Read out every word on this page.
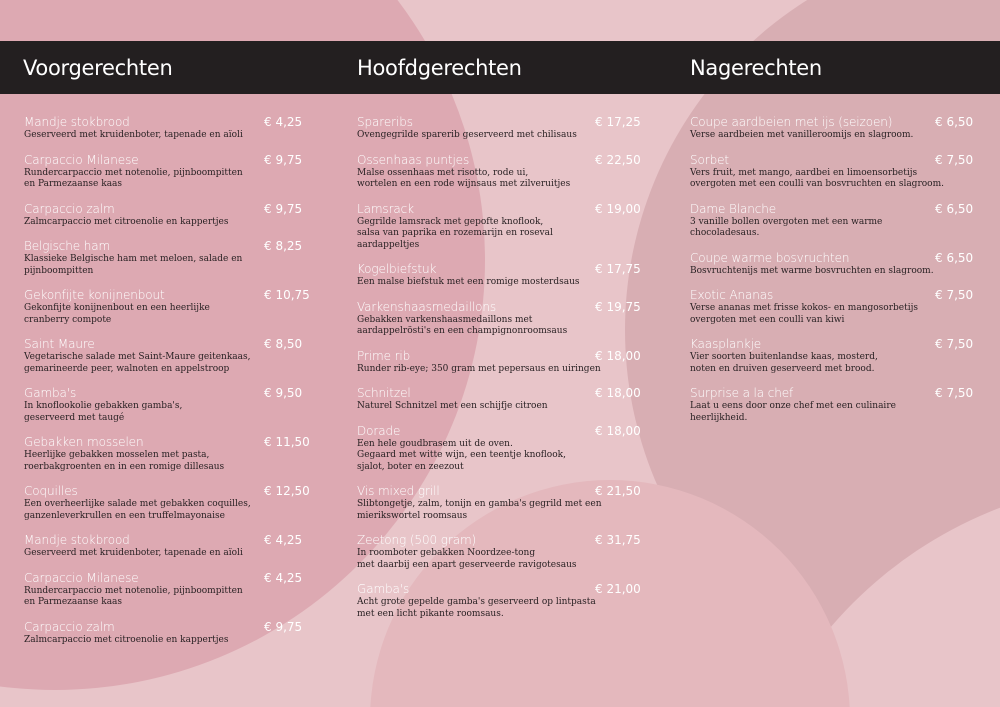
Voorgerechten	Hoofdgerechten	Nagerechten
Mandje stokbrood	€ 4,25
Geserveerd met kruidenboter, tapenade en aïoli
Carpaccio Milanese	€ 9,75
Rundercarpaccio met notenolie, pijnboompitten
en Parmezaanse kaas
Carpaccio zalm	€ 9,75
Zalmcarpaccio met citroenolie en kappertjes
Belgische ham	€ 8,25
Klassieke Belgische ham met meloen, salade en
pijnboompitten
Gekonfijte konijnenbout	€ 10,75
Gekonfijte konijnenbout en een heerlijke
cranberry compote
Saint Maure	€ 8,50
Vegetarische salade met Saint-Maure geitenkaas,
gemarineerde peer, walnoten en appelstroop
Gamba's	€ 9,50
In knoflookolie gebakken gamba's,
geserveerd met taugé
Gebakken mosselen	€ 11,50
Heerlijke gebakken mosselen met pasta,
roerbakgroenten en in een romige dillesaus
Coquilles	€ 12,50
Een overheerlijke salade met gebakken coquilles,
ganzenleverkrullen en een truffelmayonaise
Mandje stokbrood	€ 4,25
Geserveerd met kruidenboter, tapenade en aïoli
Carpaccio Milanese	€ 4,25
Rundercarpaccio met notenolie, pijnboompitten
en Parmezaanse kaas
Carpaccio zalm	€ 9,75
Zalmcarpaccio met citroenolie en kappertjes
Spareribs	€ 17,25
Ovengegrilde sparerib geserveerd met chilisaus
Ossenhaas puntjes	€ 22,50
Malse ossenhaas met risotto, rode ui,
wortelen en een rode wijnsaus met zilveruitjes
Lamsrack	€ 19,00
Gegrilde lamsrack met gepofte knoflook,
salsa van paprika en rozemarijn en roseval
aardappeltjes
Kogelbiefstuk	€ 17,75
Een malse biefstuk met een romige mosterdsaus
Varkenshaasmedaillons	€ 19,75
Gebakken varkenshaasmedaillons met
aardappelrösti's en een champignonroomsaus
Prime rib	€ 18,00
Runder rib-eye; 350 gram met pepersaus en uiringen
Schnitzel	€ 18,00
Naturel Schnitzel met een schijfje citroen
Dorade	€ 18,00
Een hele goudbrasem uit de oven.
Gegaard met witte wijn, een teentje knoflook,
sjalot, boter en zeezout
Vis mixed grill	€ 21,50
Slibtongetje, zalm, tonijn en gamba's gegrild met een
mierikswortel roomsaus
Zeetong (500 gram)	€ 31,75
In roomboter gebakken Noordzee-tong
met daarbij een apart geserveerde ravigotesaus
Gamba's	€ 21,00
Acht grote gepelde gamba's geserveerd op lintpasta
met een licht pikante roomsaus.
Coupe aardbeien met ijs (seizoen)	€ 6,50
Verse aardbeien met vanilleroomijs en slagroom.
Sorbet	€ 7,50
Vers fruit, met mango, aardbei en limoensorbetijs
overgoten met een coulli van bosvruchten en slagroom.
Dame Blanche	€ 6,50
3 vanille bollen overgoten met een warme
chocoladesaus.
Coupe warme bosvruchten	€ 6,50
Bosvruchtenijs met warme bosvruchten en slagroom.
Exotic Ananas	€ 7,50
Verse ananas met frisse kokos- en mangosorbetijs
overgoten met een coulli van kiwi
Kaasplankje	€ 7,50
Vier soorten buitenlandse kaas, mosterd,
noten en druiven geserveerd met brood.
Surprise a la chef	€ 7,50
Laat u eens door onze chef met een culinaire
heerlijkheid.
